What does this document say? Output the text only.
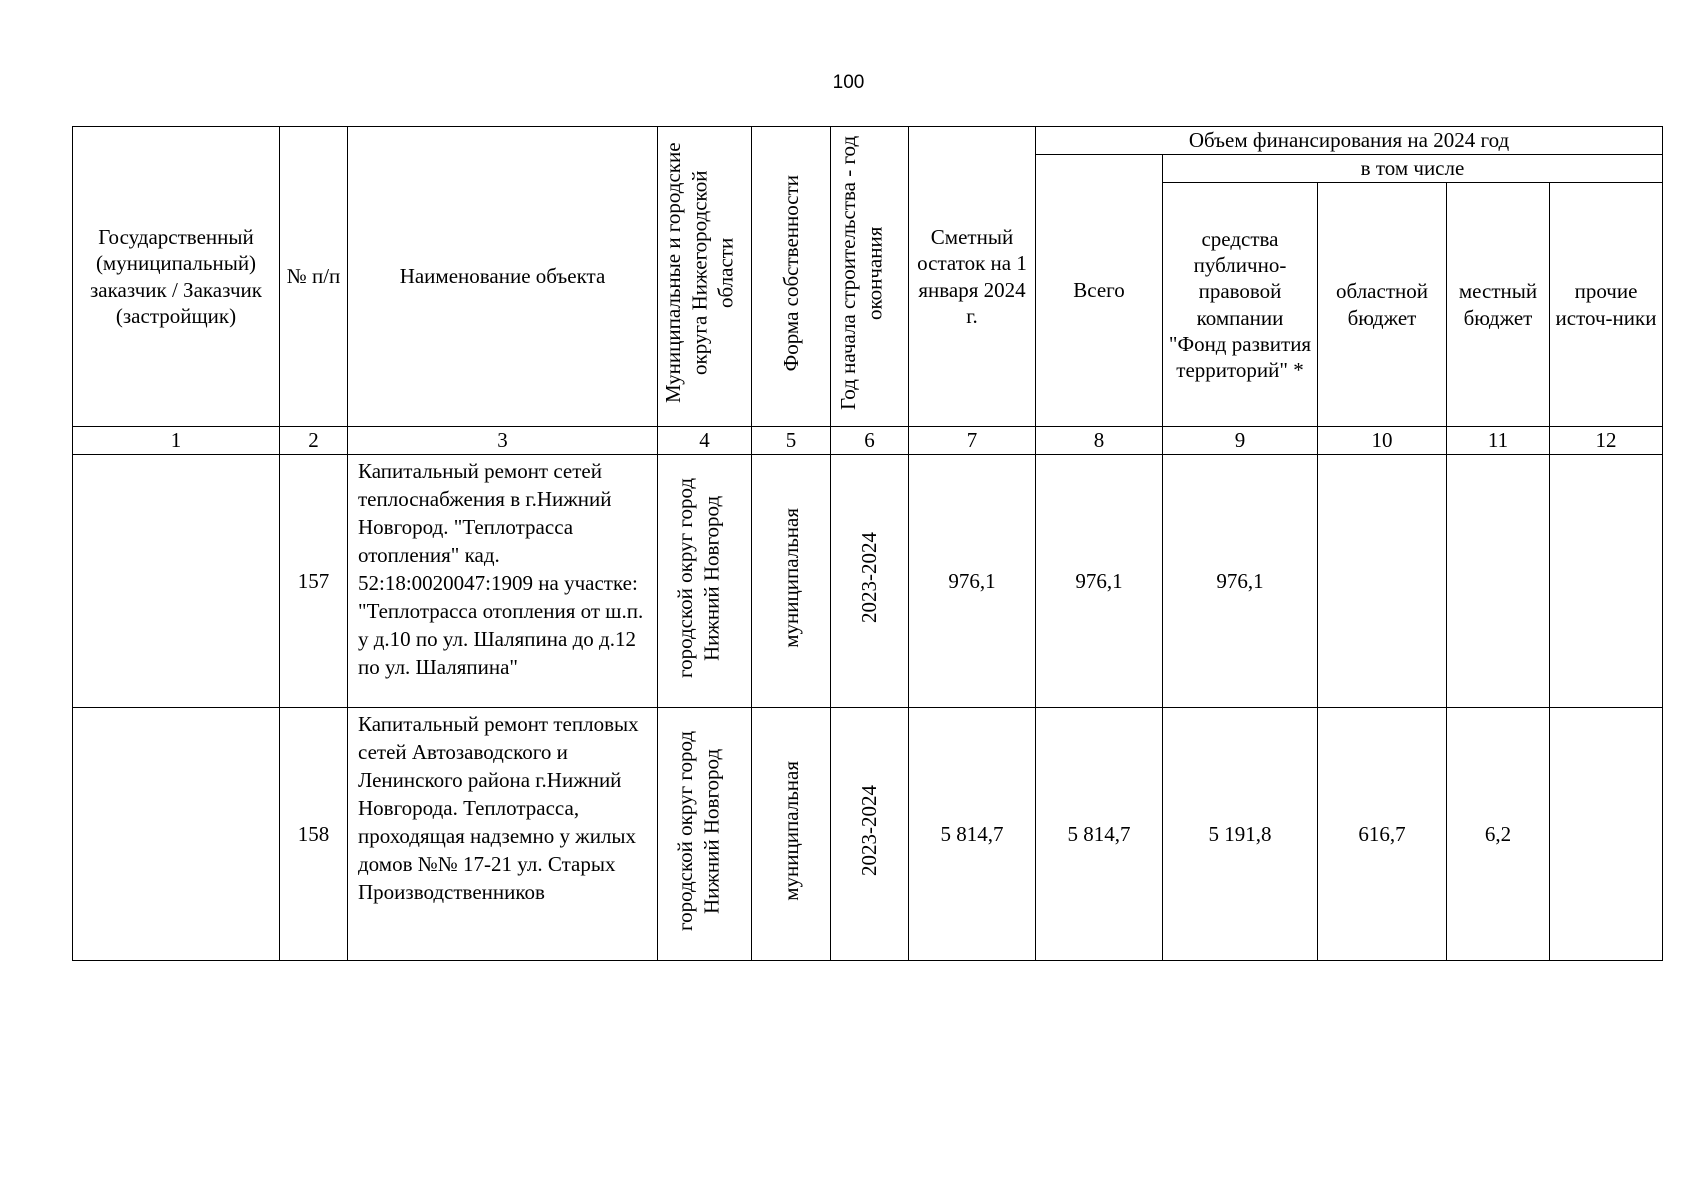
100
Государственный (муниципальный) заказчик / Заказчик (застройщик)	№ п/п	Наименование объекта	Муниципальные и городские округа Нижегородской области	Форма собственности	Год начала строительства - год окончания	Сметный остаток на 1 января 2024 г.	Объем финансирования на 2024 год				
							Всего	в том числе			
								средства публично-правовой компании "Фонд развития территорий" *	областной бюджет	местный бюджет	прочие источ-ники
1	2	3	4	5	6	7	8	9	10	11	12
	157	Капитальный ремонт сетей теплоснабжения в г.Нижний Новгород. "Теплотрасса отопления" кад. 52:18:0020047:1909 на участке: "Теплотрасса отопления от ш.п. у д.10 по ул. Шаляпина до д.12 по ул. Шаляпина"	городской округ город Нижний Новгород	муниципальная	2023-2024	976,1	976,1	976,1			
	158	Капитальный ремонт тепловых сетей Автозаводского и Ленинского района г.Нижний Новгорода. Теплотрасса, проходящая надземно у жилых домов №№ 17-21 ул. Старых Производственников	городской округ город Нижний Новгород	муниципальная	2023-2024	5 814,7	5 814,7	5 191,8	616,7	6,2	
